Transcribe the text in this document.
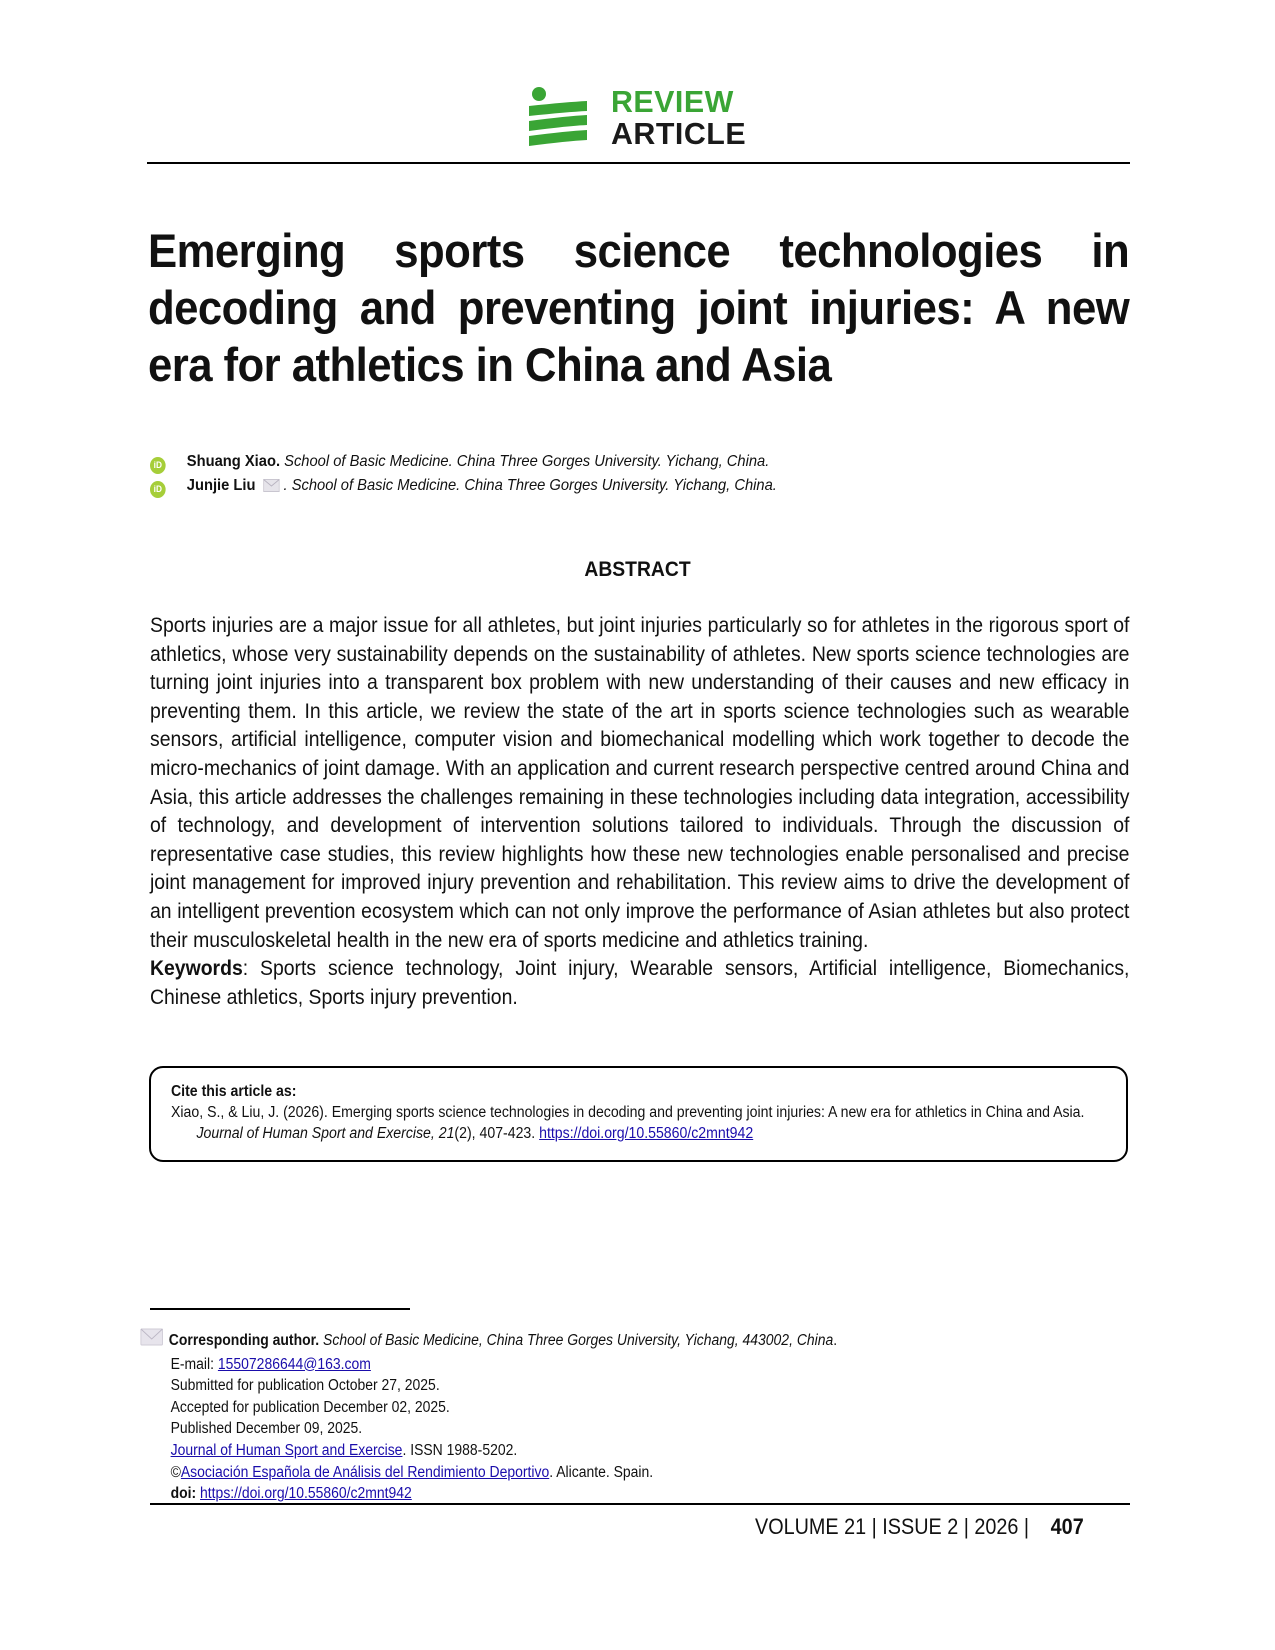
REVIEW
ARTICLE
Emerging sports science technologies in decoding and preventing joint injuries: A new era for athletics in China and Asia
iD Shuang Xiao. School of Basic Medicine. China Three Gorges University. Yichang, China.
iD Junjie Liu . School of Basic Medicine. China Three Gorges University. Yichang, China.
ABSTRACT

Sports injuries are a major issue for all athletes, but joint injuries particularly so for athletes in the rigorous sport of athletics, whose very sustainability depends on the sustainability of athletes. New sports science technologies are turning joint injuries into a transparent box problem with new understanding of their causes and new efficacy in preventing them. In this article, we review the state of the art in sports science technologies such as wearable sensors, artificial intelligence, computer vision and biomechanical modelling which work together to decode the micro-mechanics of joint damage. With an application and current research perspective centred around China and Asia, this article addresses the challenges remaining in these technologies including data integration, accessibility of technology, and development of intervention solutions tailored to individuals. Through the discussion of representative case studies, this review highlights how these new technologies enable personalised and precise joint management for improved injury prevention and rehabilitation. This review aims to drive the development of an intelligent prevention ecosystem which can not only improve the performance of Asian athletes but also protect their musculoskeletal health in the new era of sports medicine and athletics training.

Keywords: Sports science technology, Joint injury, Wearable sensors, Artificial intelligence, Biomechanics, Chinese athletics, Sports injury prevention.

Cite this article as:
Xiao, S., & Liu, J. (2026). Emerging sports science technologies in decoding and preventing joint injuries: A new era for athletics in China and Asia. Journal of Human Sport and Exercise, 21(2), 407-423. https://doi.org/10.55860/c2mnt942
Corresponding author. School of Basic Medicine, China Three Gorges University, Yichang, 443002, China.
E-mail: 15507286644@163.com
Submitted for publication October 27, 2025.
Accepted for publication December 02, 2025.
Published December 09, 2025.
Journal of Human Sport and Exercise. ISSN 1988-5202.
©Asociación Española de Análisis del Rendimiento Deportivo. Alicante. Spain.
doi: https://doi.org/10.55860/c2mnt942
VOLUME 21 | ISSUE 2 | 2026 | 407
